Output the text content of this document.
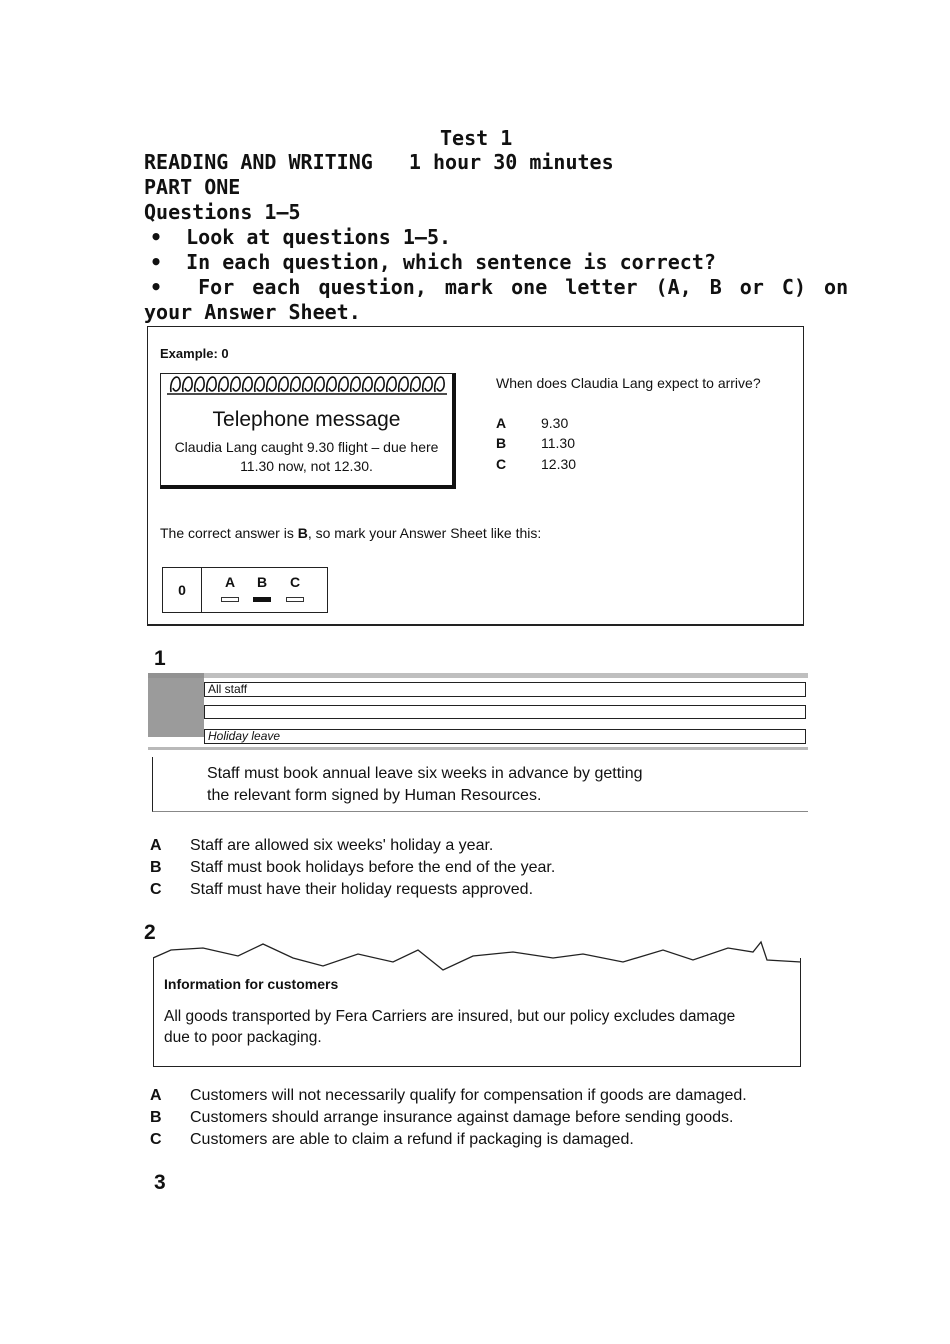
Test 1
READING AND WRITING 1 hour 30 minutes
PART ONE
Questions 1–5
•  Look at questions 1–5.
•  In each question, which sentence is correct?
•  For each question, mark one letter (A, B or C) on
your Answer Sheet.
Example: 0
Telephone message
Claudia Lang caught 9.30 flight – due here 11.30 now, not 12.30.
When does Claudia Lang expect to arrive?
A 9.30
B 11.30
C 12.30
The correct answer is B, so mark your Answer Sheet like this:
0	A B C
1
All staff
Holiday leave
Staff must book annual leave six weeks in advance by getting the relevant form signed by Human Resources.
A Staff are allowed six weeks' holiday a year.
B Staff must book holidays before the end of the year.
C Staff must have their holiday requests approved.
2
Information for customers
All goods transported by Fera Carriers are insured, but our policy excludes damage due to poor packaging.
A Customers will not necessarily qualify for compensation if goods are damaged.
B Customers should arrange insurance against damage before sending goods.
C Customers are able to claim a refund if packaging is damaged.
3
